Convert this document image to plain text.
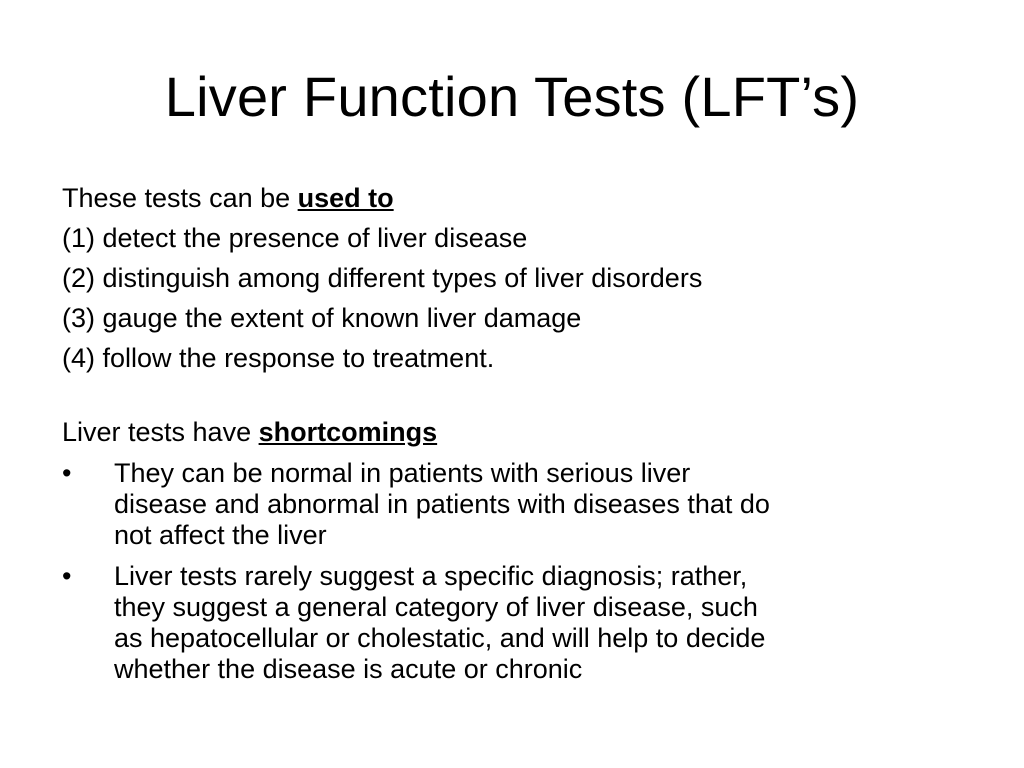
Liver Function Tests (LFT’s)
These tests can be used to
(1) detect the presence of liver disease
(2) distinguish among different types of liver disorders
(3) gauge the extent of known liver damage
(4) follow the response to treatment.
Liver tests have shortcomings
•	They can be normal in patients with serious liver
disease and abnormal in patients with diseases that do
not affect the liver
•	Liver tests rarely suggest a specific diagnosis; rather,
they suggest a general category of liver disease, such
as hepatocellular or cholestatic, and will help to decide
whether the disease is acute or chronic
